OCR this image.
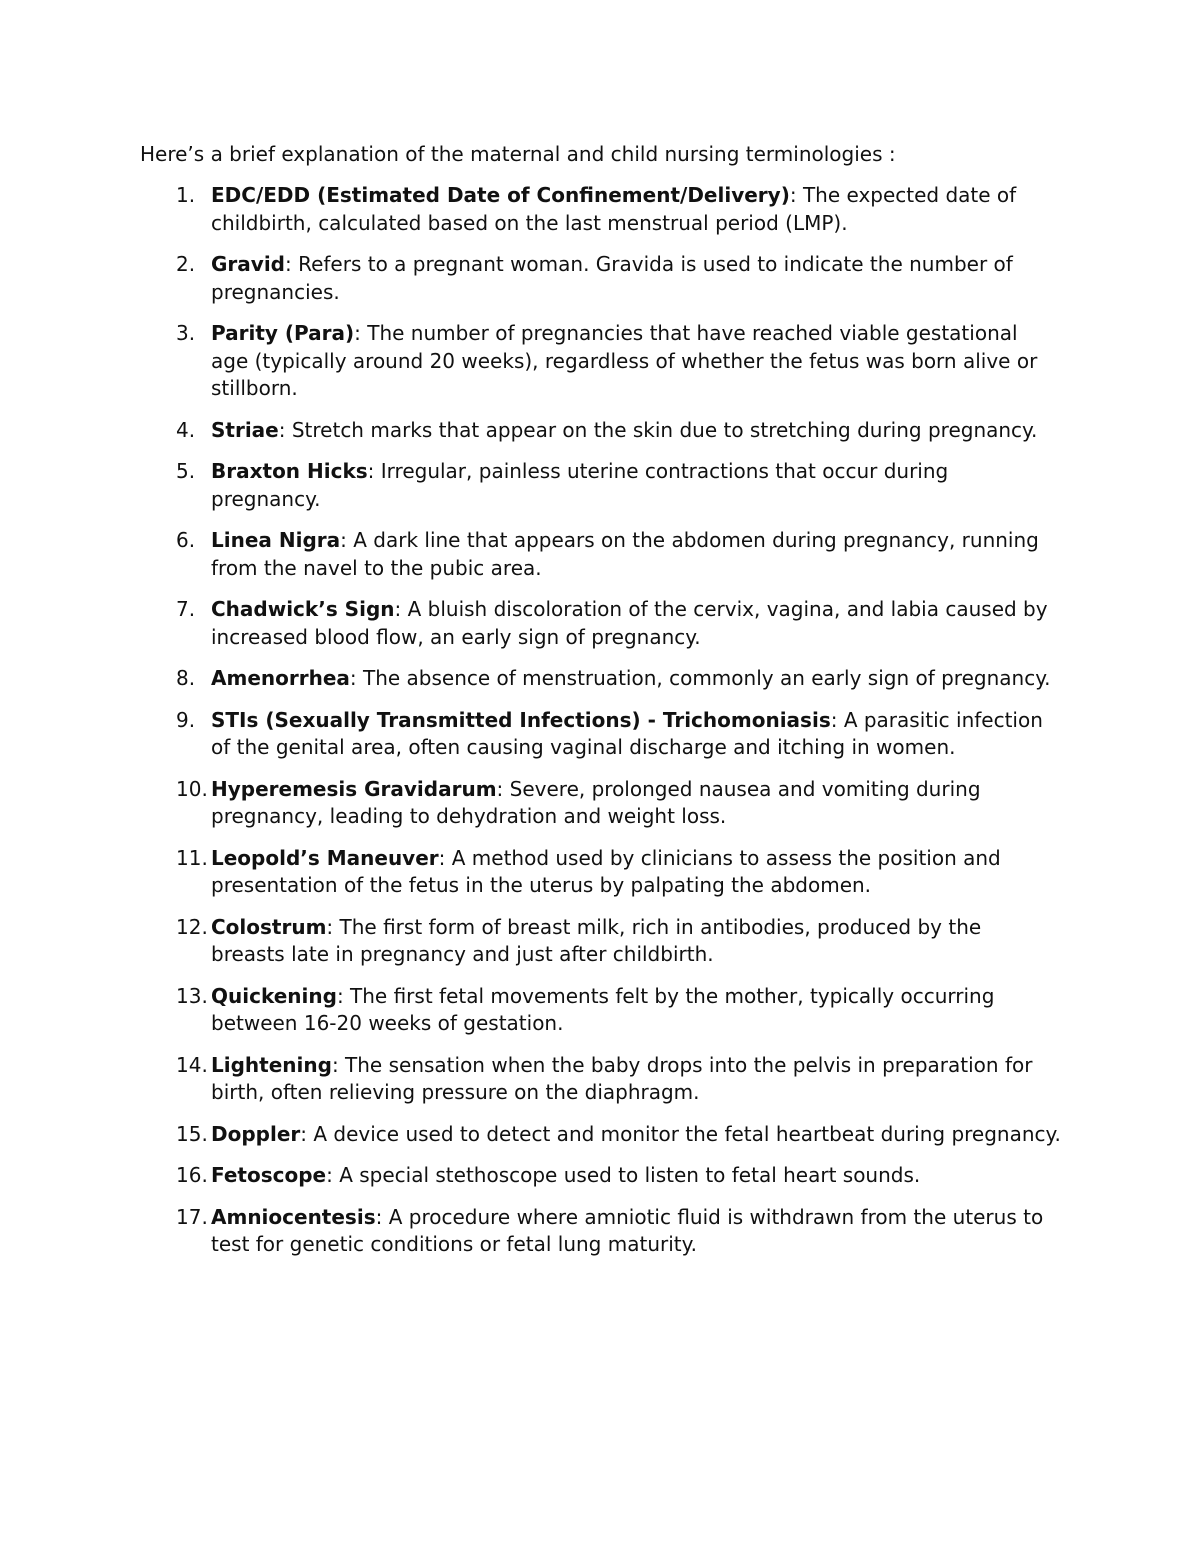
Here’s a brief explanation of the maternal and child nursing terminologies :

1. EDC/EDD (Estimated Date of Confinement/Delivery): The expected date of childbirth, calculated based on the last menstrual period (LMP).
2. Gravid: Refers to a pregnant woman. Gravida is used to indicate the number of pregnancies.
3. Parity (Para): The number of pregnancies that have reached viable gestational age (typically around 20 weeks), regardless of whether the fetus was born alive or stillborn.
4. Striae: Stretch marks that appear on the skin due to stretching during pregnancy.
5. Braxton Hicks: Irregular, painless uterine contractions that occur during pregnancy.
6. Linea Nigra: A dark line that appears on the abdomen during pregnancy, running from the navel to the pubic area.
7. Chadwick’s Sign: A bluish discoloration of the cervix, vagina, and labia caused by increased blood flow, an early sign of pregnancy.
8. Amenorrhea: The absence of menstruation, commonly an early sign of pregnancy.
9. STIs (Sexually Transmitted Infections) - Trichomoniasis: A parasitic infection of the genital area, often causing vaginal discharge and itching in women.
10. Hyperemesis Gravidarum: Severe, prolonged nausea and vomiting during pregnancy, leading to dehydration and weight loss.
11. Leopold’s Maneuver: A method used by clinicians to assess the position and presentation of the fetus in the uterus by palpating the abdomen.
12. Colostrum: The first form of breast milk, rich in antibodies, produced by the breasts late in pregnancy and just after childbirth.
13. Quickening: The first fetal movements felt by the mother, typically occurring between 16-20 weeks of gestation.
14. Lightening: The sensation when the baby drops into the pelvis in preparation for birth, often relieving pressure on the diaphragm.
15. Doppler: A device used to detect and monitor the fetal heartbeat during pregnancy.
16. Fetoscope: A special stethoscope used to listen to fetal heart sounds.
17. Amniocentesis: A procedure where amniotic fluid is withdrawn from the uterus to test for genetic conditions or fetal lung maturity.
